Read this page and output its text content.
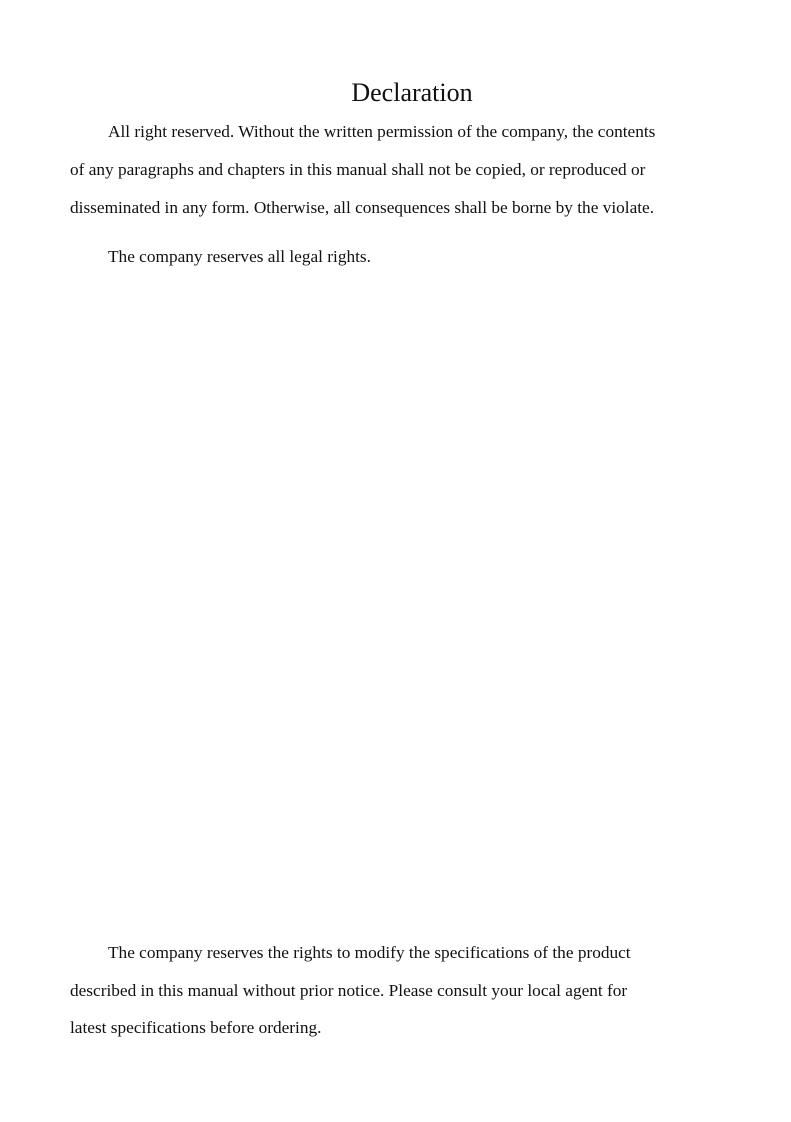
Declaration

All right reserved. Without the written permission of the company, the contents

of any paragraphs and chapters in this manual shall not be copied, or reproduced or

disseminated in any form. Otherwise, all consequences shall be borne by the violate.

The company reserves all legal rights.

The company reserves the rights to modify the specifications of the product

described in this manual without prior notice. Please consult your local agent for

latest specifications before ordering.
